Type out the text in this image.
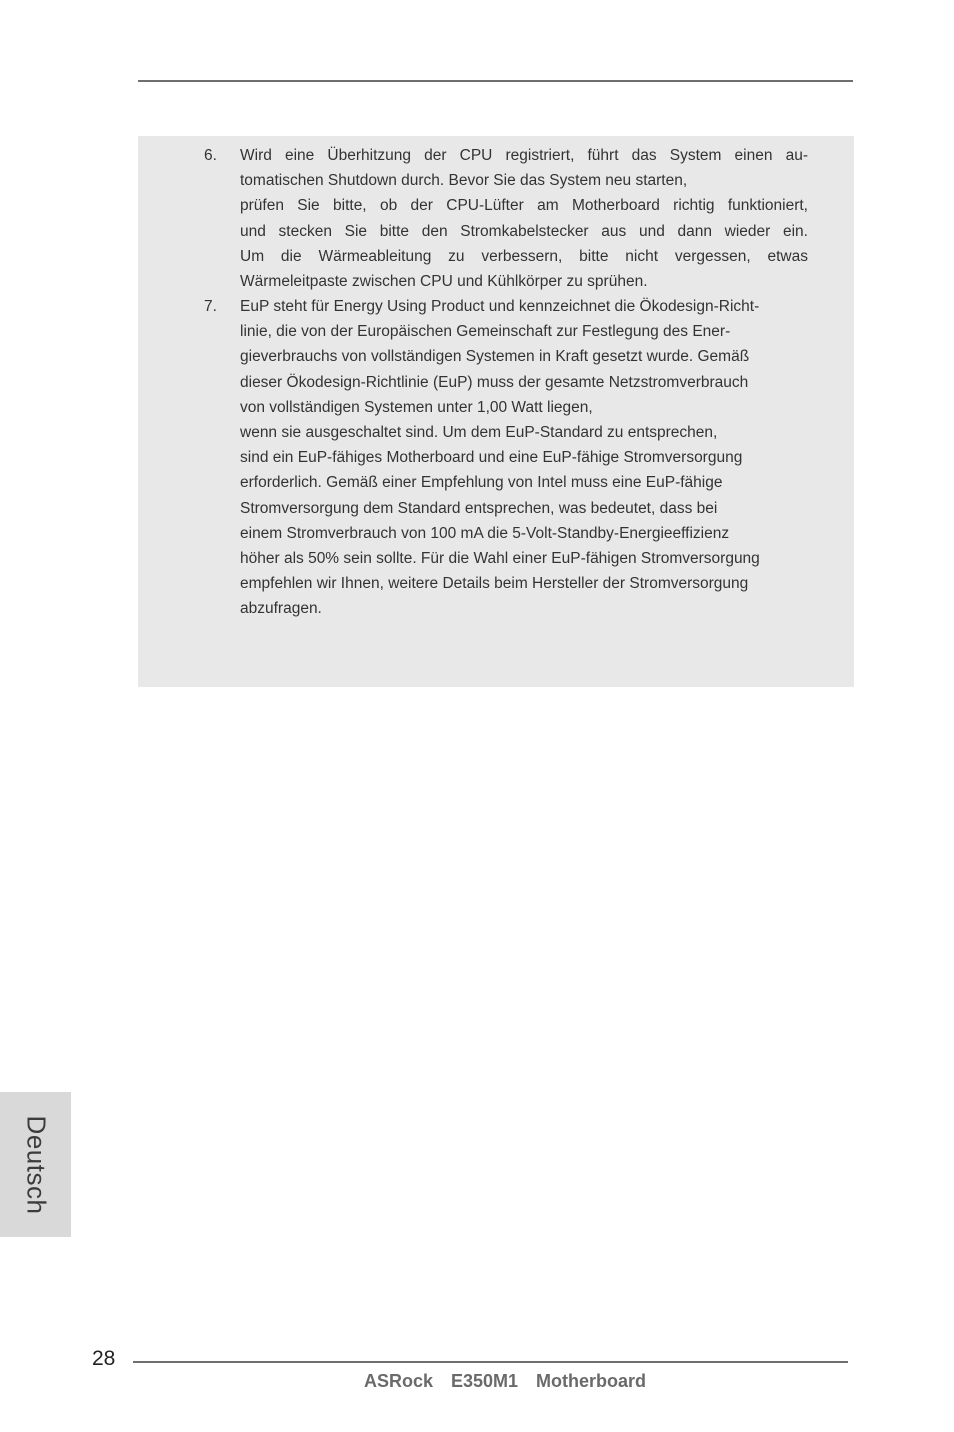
6. Wird eine Überhitzung der CPU registriert, führt das System einen au-
tomatischen Shutdown durch. Bevor Sie das System neu starten,
prüfen Sie bitte, ob der CPU-Lüfter am Motherboard richtig funktioniert,
und stecken Sie bitte den Stromkabelstecker aus und dann wieder ein.
Um die Wärmeableitung zu verbessern, bitte nicht vergessen, etwas
Wärmeleitpaste zwischen CPU und Kühlkörper zu sprühen.
7. EuP steht für Energy Using Product und kennzeichnet die Ökodesign-Richt-
linie, die von der Europäischen Gemeinschaft zur Festlegung des Ener-
gieverbrauchs von vollständigen Systemen in Kraft gesetzt wurde. Gemäß
dieser Ökodesign-Richtlinie (EuP) muss der gesamte Netzstromverbrauch
von vollständigen Systemen unter 1,00 Watt liegen,
wenn sie ausgeschaltet sind. Um dem EuP-Standard zu entsprechen,
sind ein EuP-fähiges Motherboard und eine EuP-fähige Stromversorgung
erforderlich. Gemäß einer Empfehlung von Intel muss eine EuP-fähige
Stromversorgung dem Standard entsprechen, was bedeutet, dass bei
einem Stromverbrauch von 100 mA die 5-Volt-Standby-Energieeffizienz
höher als 50% sein sollte. Für die Wahl einer EuP-fähigen Stromversorgung
empfehlen wir Ihnen, weitere Details beim Hersteller der Stromversorgung
abzufragen.
Deutsch
28
ASRock  E350M1  Motherboard
